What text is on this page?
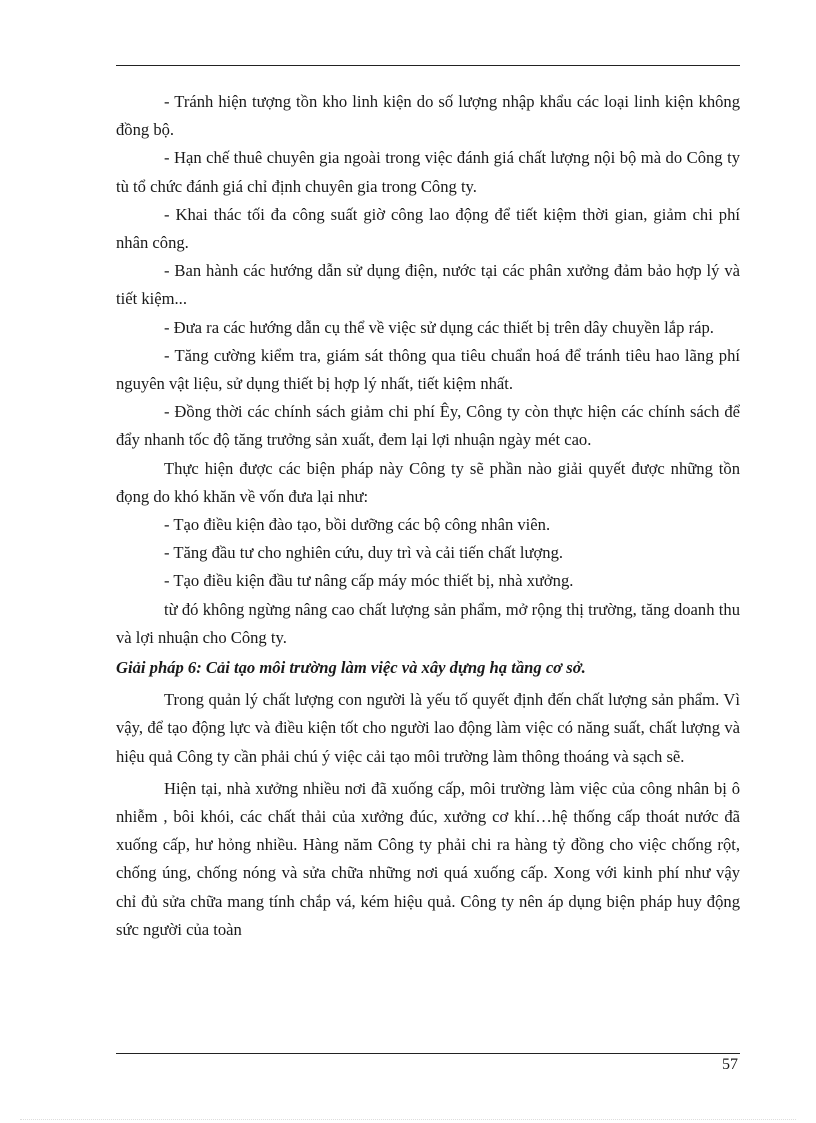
- Tránh hiện tượng tồn kho linh kiện do số lượng nhập khẩu các loại linh kiện không đồng bộ.

- Hạn chế thuê chuyên gia ngoài trong việc đánh giá chất lượng nội bộ mà do Công ty tù tổ chức đánh giá chỉ định chuyên gia trong Công ty.

- Khai thác tối đa công suất giờ công lao động để tiết kiệm thời gian, giảm chi phí nhân công.

- Ban hành các hướng dẫn sử dụng điện, nước tại các phân xưởng đảm bảo hợp lý và tiết kiệm...

- Đưa ra các hướng dẫn cụ thể về việc sử dụng các thiết bị trên dây chuyền lắp ráp.

- Tăng cường kiểm tra, giám sát thông qua tiêu chuẩn hoá để tránh tiêu hao lãng phí nguyên vật liệu, sử dụng thiết bị hợp lý nhất, tiết kiệm nhất.

- Đồng thời các chính sách giảm chi phí Êy, Công ty còn thực hiện các chính sách để đẩy nhanh tốc độ tăng trưởng sản xuất, đem lại lợi nhuận ngày mét cao.

Thực hiện được các biện pháp này Công ty sẽ phần nào giải quyết được những tồn đọng do khó khăn về vốn đưa lại như:

- Tạo điều kiện đào tạo, bồi dưỡng các bộ công nhân viên.

- Tăng đầu tư cho nghiên cứu, duy trì và cải tiến chất lượng.

- Tạo điều kiện đầu tư nâng cấp máy móc thiết bị, nhà xưởng.

từ đó không ngừng nâng cao chất lượng sản phẩm, mở rộng thị trường, tăng doanh thu và lợi nhuận cho Công ty.

Giải pháp 6: Cải tạo môi trường làm việc và xây dựng hạ tầng cơ sở.

Trong quản lý chất lượng con người là yếu tố quyết định đến chất lượng sản phẩm. Vì vậy, để tạo động lực và điều kiện tốt cho người lao động làm việc có năng suất, chất lượng và hiệu quả Công ty cần phải chú ý việc cải tạo môi trường làm thông thoáng và sạch sẽ.

Hiện tại, nhà xưởng nhiều nơi đã xuống cấp, môi trường làm việc của công nhân bị ô nhiễm , bôi khói, các chất thải của xưởng đúc, xưởng cơ khí…hệ thống cấp thoát nước đã xuống cấp, hư hỏng nhiều. Hàng năm Công ty phải chi ra hàng tỷ đồng cho việc chống rột, chống úng, chống nóng và sửa chữa những nơi quá xuống cấp. Xong với kinh phí như vậy chỉ đủ sửa chữa mang tính chắp vá, kém hiệu quả. Công ty nên áp dụng biện pháp huy động sức người của toàn

57
